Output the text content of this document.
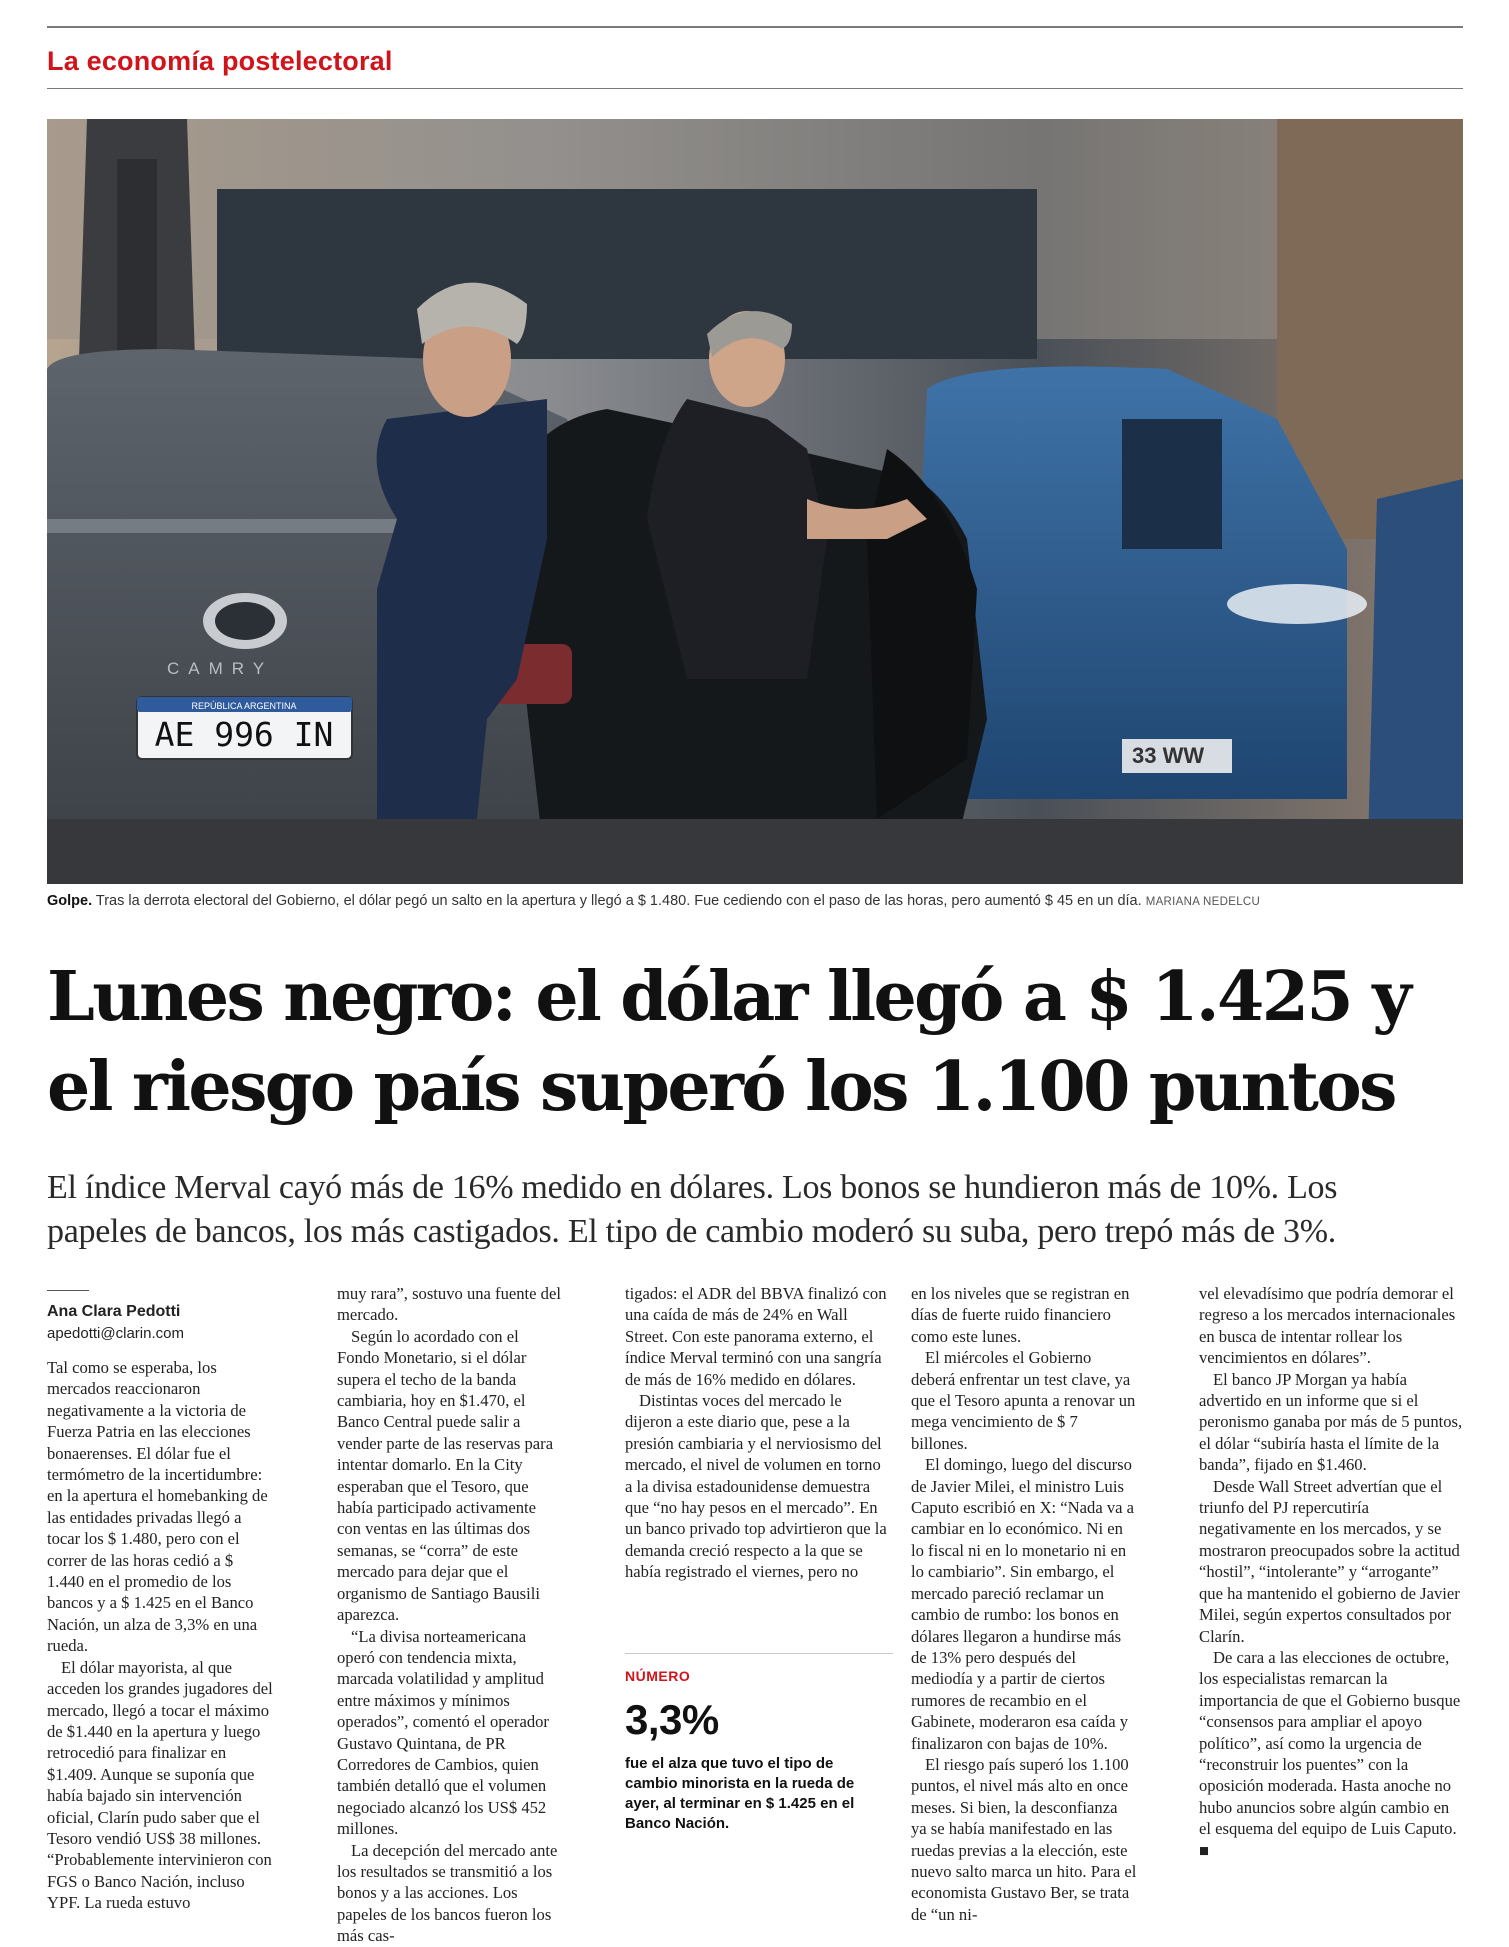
La economía postelectoral
33 WW
CAMRY
REPÚBLICA ARGENTINA
AE 996 IN
Golpe. Tras la derrota electoral del Gobierno, el dólar pegó un salto en la apertura y llegó a $ 1.480. Fue cediendo con el paso de las horas, pero aumentó $ 45 en un día. MARIANA NEDELCU
Lunes negro: el dólar llegó a $ 1.425 y
el riesgo país superó los 1.100 puntos
El índice Merval cayó más de 16% medido en dólares. Los bonos se hundieron más de 10%. Los
papeles de bancos, los más castigados. El tipo de cambio moderó su suba, pero trepó más de 3%.
Ana Clara Pedotti
apedotti@clarin.com

Tal como se esperaba, los mercados reaccionaron negativamente a la victoria de Fuerza Patria en las elecciones bonaerenses. El dólar fue el termómetro de la incertidumbre: en la apertura el homebanking de las entidades privadas llegó a tocar los $ 1.480, pero con el correr de las horas cedió a $ 1.440 en el promedio de los bancos y a $ 1.425 en el Banco Nación, un alza de 3,3% en una rueda.

El dólar mayorista, al que acceden los grandes jugadores del mercado, llegó a tocar el máximo de $1.440 en la apertura y luego retrocedió para finalizar en $1.409. Aunque se suponía que había bajado sin intervención oficial, Clarín pudo saber que el Tesoro vendió US$ 38 millones. “Probablemente intervinieron con FGS o Banco Nación, incluso YPF. La rueda estuvo

muy rara”, sostuvo una fuente del mercado.

Según lo acordado con el Fondo Monetario, si el dólar supera el techo de la banda cambiaria, hoy en $1.470, el Banco Central puede salir a vender parte de las reservas para intentar domarlo. En la City esperaban que el Tesoro, que había participado activamente con ventas en las últimas dos semanas, se “corra” de este mercado para dejar que el organismo de Santiago Bausili aparezca.

“La divisa norteamericana operó con tendencia mixta, marcada volatilidad y amplitud entre máximos y mínimos operados”, comentó el operador Gustavo Quintana, de PR Corredores de Cambios, quien también detalló que el volumen negociado alcanzó los US$ 452 millones.

La decepción del mercado ante los resultados se transmitió a los bonos y a las acciones. Los papeles de los bancos fueron los más cas-

tigados: el ADR del BBVA finalizó con una caída de más de 24% en Wall Street. Con este panorama externo, el índice Merval terminó con una sangría de más de 16% medido en dólares.

Distintas voces del mercado le dijeron a este diario que, pese a la presión cambiaria y el nerviosismo del mercado, el nivel de volumen en torno a la divisa estadounidense demuestra que “no hay pesos en el mercado”. En un banco privado top advirtieron que la demanda creció respecto a la que se había registrado el viernes, pero no

NÚMERO
3,3%
fue el alza que tuvo el tipo de cambio minorista en la rueda de ayer, al terminar en $ 1.425 en el Banco Nación.

en los niveles que se registran en días de fuerte ruido financiero como este lunes.

El miércoles el Gobierno deberá enfrentar un test clave, ya que el Tesoro apunta a renovar un mega vencimiento de $ 7 billones.

El domingo, luego del discurso de Javier Milei, el ministro Luis Caputo escribió en X: “Nada va a cambiar en lo económico. Ni en lo fiscal ni en lo monetario ni en lo cambiario”. Sin embargo, el mercado pareció reclamar un cambio de rumbo: los bonos en dólares llegaron a hundirse más de 13% pero después del mediodía y a partir de ciertos rumores de recambio en el Gabinete, moderaron esa caída y finalizaron con bajas de 10%.

El riesgo país superó los 1.100 puntos, el nivel más alto en once meses. Si bien, la desconfianza ya se había manifestado en las ruedas previas a la elección, este nuevo salto marca un hito. Para el economista Gustavo Ber, se trata de “un ni-

vel elevadísimo que podría demorar el regreso a los mercados internacionales en busca de intentar rollear los vencimientos en dólares”.

El banco JP Morgan ya había advertido en un informe que si el peronismo ganaba por más de 5 puntos, el dólar “subiría hasta el límite de la banda”, fijado en $1.460.

Desde Wall Street advertían que el triunfo del PJ repercutiría negativamente en los mercados, y se mostraron preocupados sobre la actitud “hostil”, “intolerante” y “arrogante” que ha mantenido el gobierno de Javier Milei, según expertos consultados por Clarín.

De cara a las elecciones de octubre, los especialistas remarcan la importancia de que el Gobierno busque “consensos para ampliar el apoyo político”, así como la urgencia de “reconstruir los puentes” con la oposición moderada. Hasta anoche no hubo anuncios sobre algún cambio en el esquema del equipo de Luis Caputo. ■
